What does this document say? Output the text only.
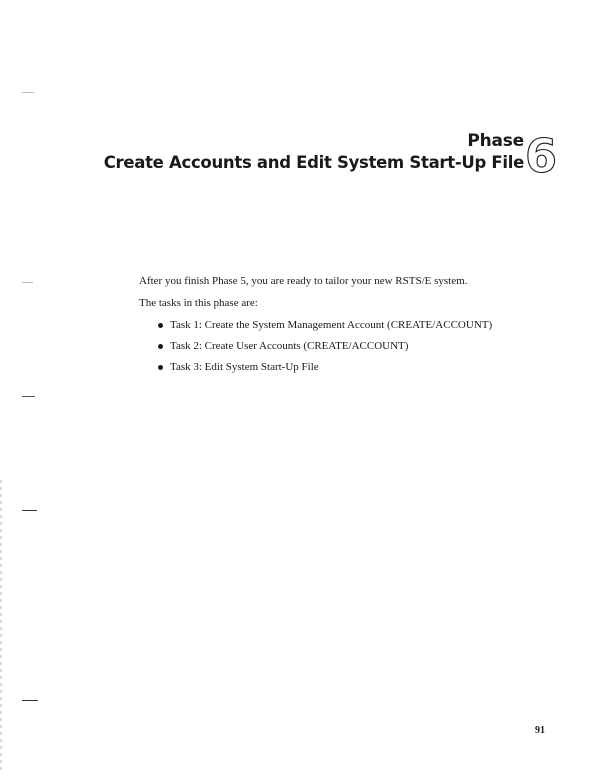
Phase
Create Accounts and Edit System Start-Up File 6

After you finish Phase 5, you are ready to tailor your new RSTS/E system.

The tasks in this phase are:

Task 1: Create the System Management Account (CREATE/ACCOUNT)
Task 2: Create User Accounts (CREATE/ACCOUNT)
Task 3: Edit System Start-Up File
91
